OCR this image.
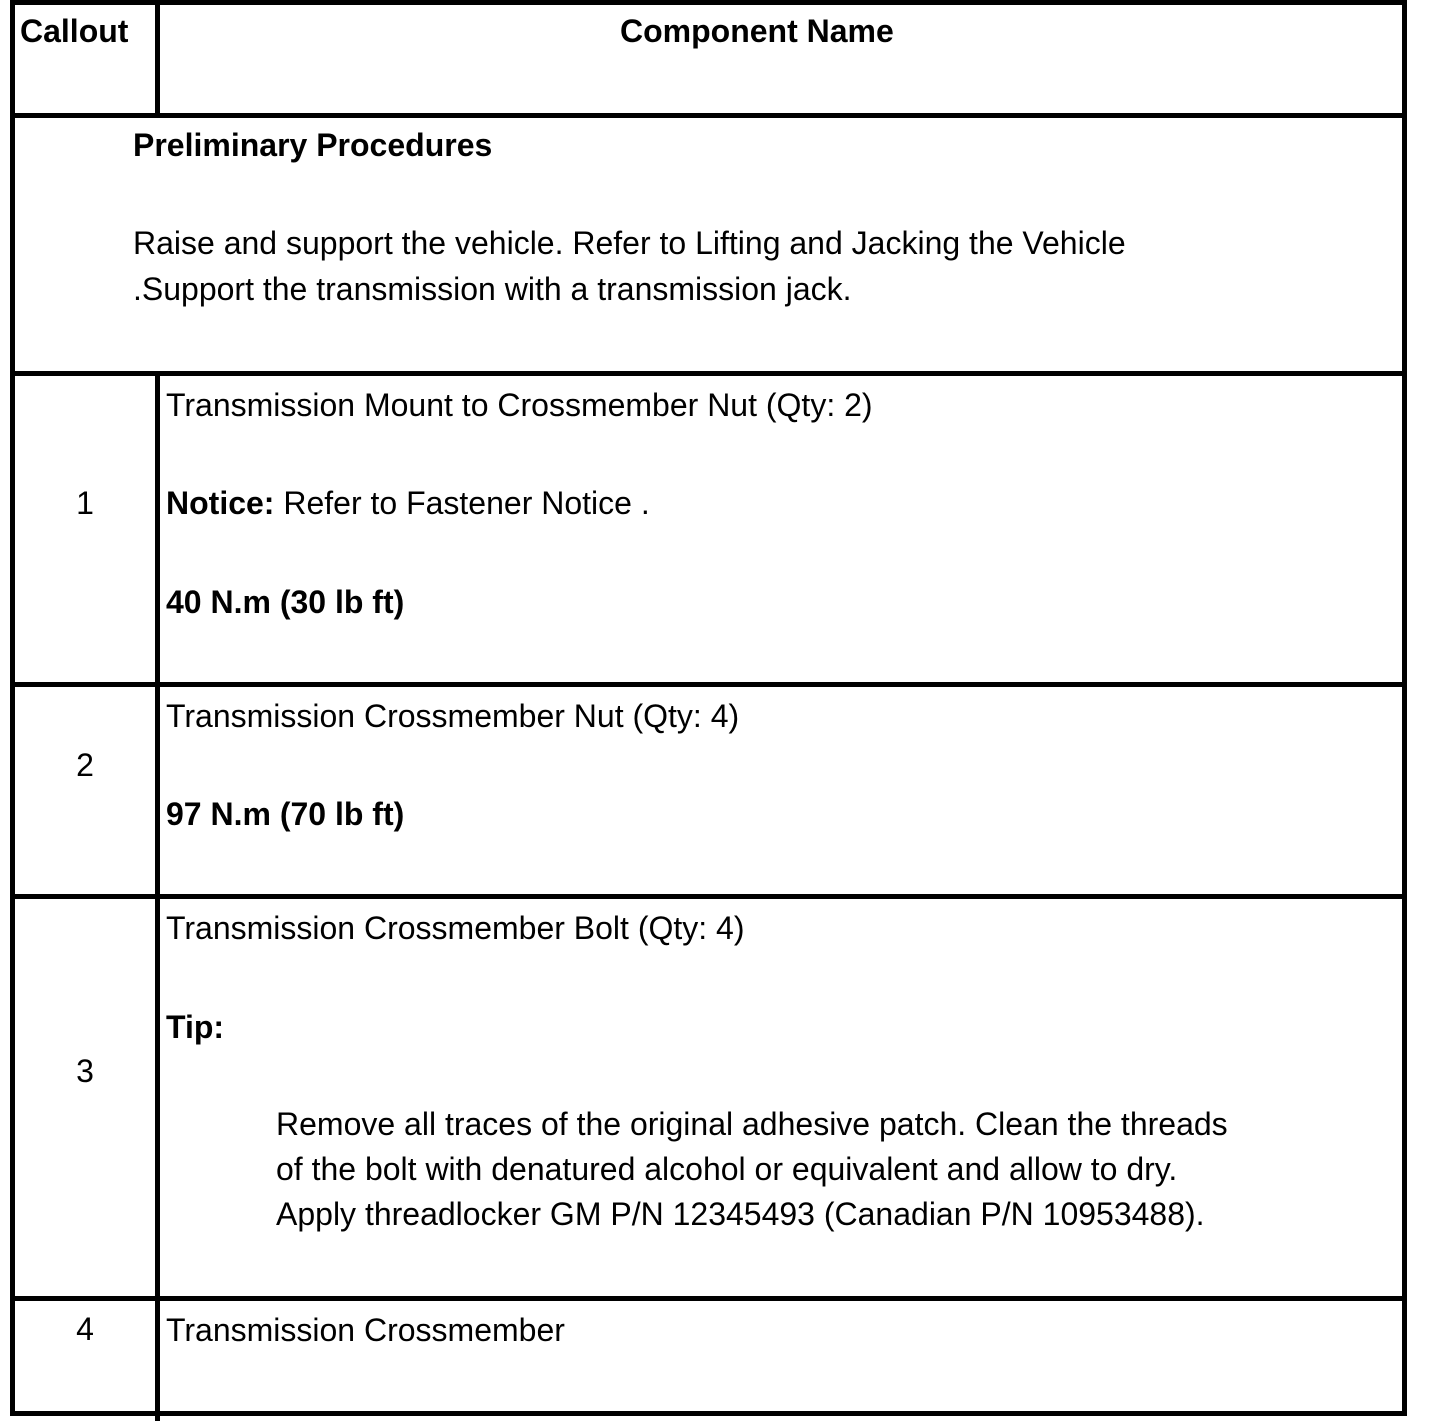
Callout	Component Name
Preliminary Procedures
Raise and support the vehicle. Refer to Lifting and Jacking the Vehicle
.Support the transmission with a transmission jack.
1
Transmission Mount to Crossmember Nut (Qty: 2)
Notice: Refer to Fastener Notice .
40 N.m (30 lb ft)
2
Transmission Crossmember Nut (Qty: 4)
97 N.m (70 lb ft)
3
Transmission Crossmember Bolt (Qty: 4)
Tip:
Remove all traces of the original adhesive patch. Clean the threads
of the bolt with denatured alcohol or equivalent and allow to dry.
Apply threadlocker GM P/N 12345493 (Canadian P/N 10953488).
4	Transmission Crossmember
